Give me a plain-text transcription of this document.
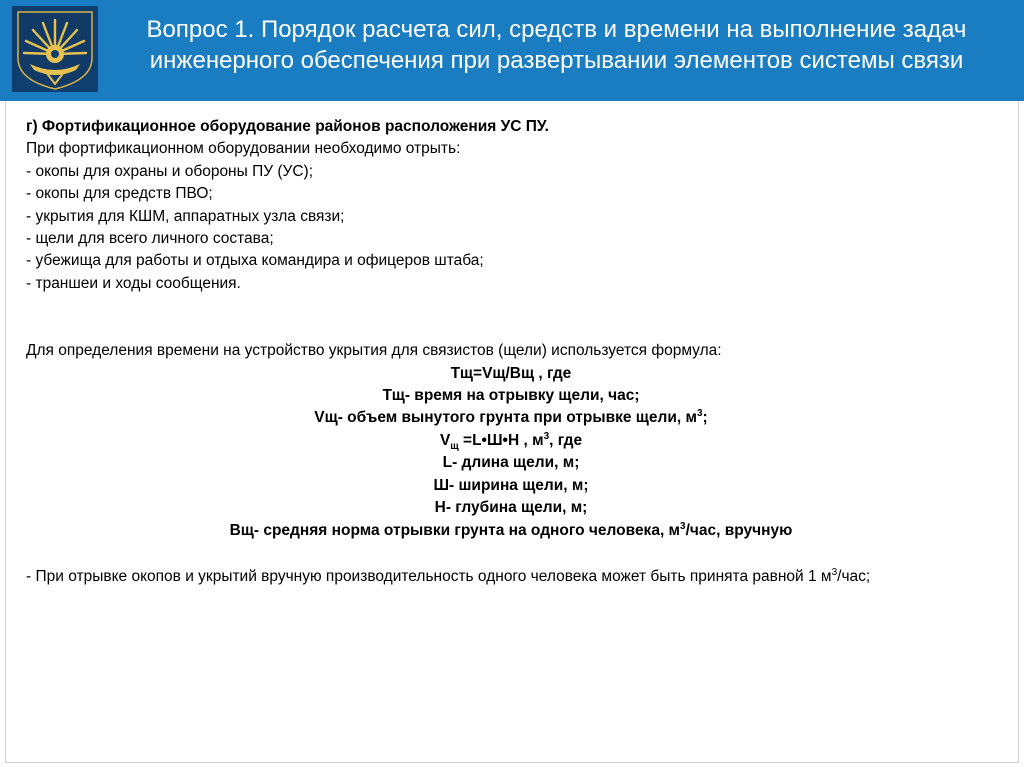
Вопрос 1. Порядок расчета сил, средств и времени на выполнение задач
инженерного обеспечения при развертывании элементов системы связи
г) Фортификационное оборудование районов расположения УС ПУ.
При фортификационном оборудовании необходимо отрыть:
- окопы для охраны и обороны ПУ (УС);
- окопы для средств ПВО;
- укрытия для КШМ, аппаратных узла связи;
- щели для всего личного состава;
- убежища для работы и отдыха командира и офицеров штаба;
- траншеи и ходы сообщения.
Для определения времени на устройство укрытия для связистов (щели) используется формула:
Тщ=Vщ/Вщ , где
Тщ- время на отрывку щели, час;
Vщ- объем вынутого грунта при отрывке щели, $м^3$;
$V_щ$ =L•Ш•Н , $м^3$, где
L- длина щели, м;
Ш- ширина щели, м;
Н- глубина щели, м;
Вщ- средняя норма отрывки грунта на одного человека, $м^3$/час, вручную
- При отрывке окопов и укрытий вручную производительность одного человека может быть принята равной 1 $м^3$/час;
